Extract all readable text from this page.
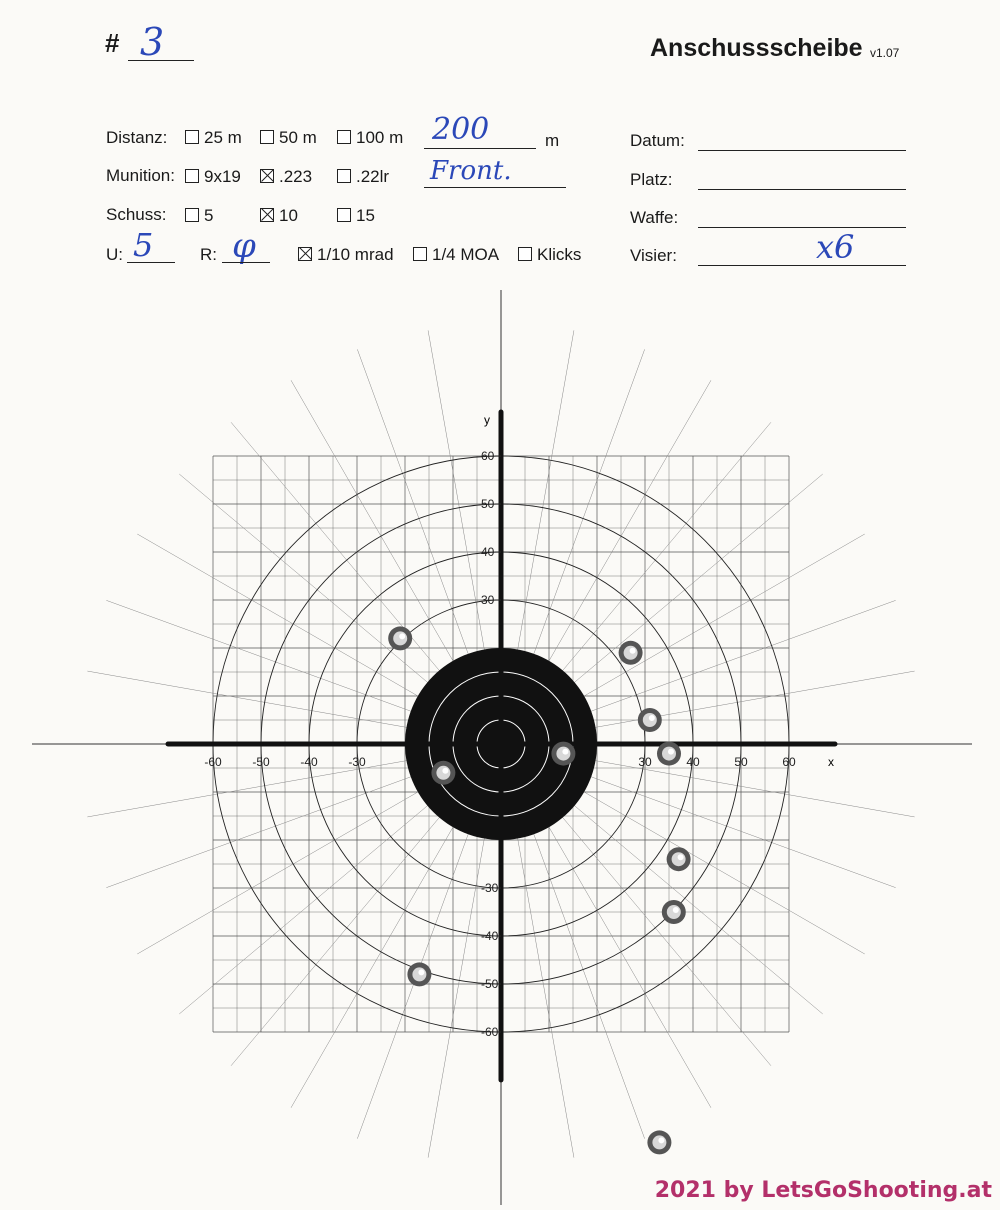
# 3	Anschussscheibe v1.07
Distanz:	25 m	50 m	100 m 200	m
Munition:	9x19	.223	.22lr Front.
Schuss:	5	10	15
U: 5	R: φ	1/10 mrad	1/4 MOA	Klicks
Datum:
Platz:
Waffe:
Visier:	x6
-60	-50	-40	-30	30	40	50	60
60
50
40
30
-30
-40
-50
-60
x
y
2021 by LetsGoShooting.at
